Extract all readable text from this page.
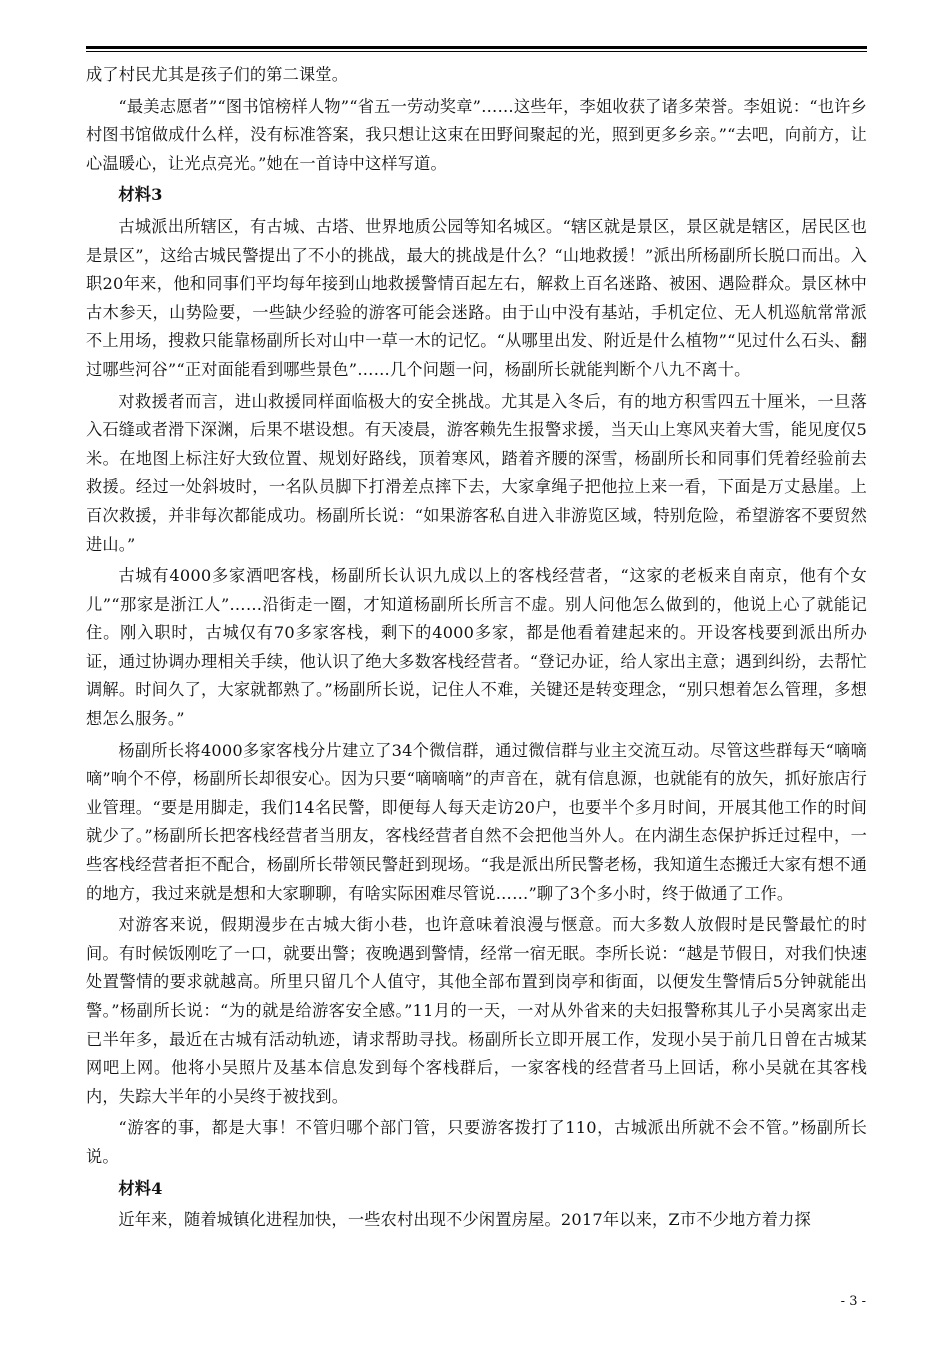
成了村民尤其是孩子们的第二课堂。

“最美志愿者”“图书馆榜样人物”“省五一劳动奖章”……这些年，李姐收获了诸多荣誉。李姐说：“也许乡村图书馆做成什么样，没有标准答案，我只想让这束在田野间聚起的光，照到更多乡亲。”“去吧，向前方，让心温暖心，让光点亮光。”她在一首诗中这样写道。

材料3

古城派出所辖区，有古城、古塔、世界地质公园等知名城区。“辖区就是景区，景区就是辖区，居民区也是景区”，这给古城民警提出了不小的挑战，最大的挑战是什么？“山地救援！”派出所杨副所长脱口而出。入职20年来，他和同事们平均每年接到山地救援警情百起左右，解救上百名迷路、被困、遇险群众。景区林中古木参天，山势险要，一些缺少经验的游客可能会迷路。由于山中没有基站，手机定位、无人机巡航常常派不上用场，搜救只能靠杨副所长对山中一草一木的记忆。“从哪里出发、附近是什么植物”“见过什么石头、翻过哪些河谷”“正对面能看到哪些景色”……几个问题一问，杨副所长就能判断个八九不离十。

对救援者而言，进山救援同样面临极大的安全挑战。尤其是入冬后，有的地方积雪四五十厘米，一旦落入石缝或者滑下深渊，后果不堪设想。有天凌晨，游客赖先生报警求援，当天山上寒风夹着大雪，能见度仅5米。在地图上标注好大致位置、规划好路线，顶着寒风，踏着齐腰的深雪，杨副所长和同事们凭着经验前去救援。经过一处斜坡时，一名队员脚下打滑差点摔下去，大家拿绳子把他拉上来一看，下面是万丈悬崖。上百次救援，并非每次都能成功。杨副所长说：“如果游客私自进入非游览区域，特别危险，希望游客不要贸然进山。”

古城有4000多家酒吧客栈，杨副所长认识九成以上的客栈经营者，“这家的老板来自南京，他有个女儿”“那家是浙江人”……沿街走一圈，才知道杨副所长所言不虚。别人问他怎么做到的，他说上心了就能记住。刚入职时，古城仅有70多家客栈，剩下的4000多家，都是他看着建起来的。开设客栈要到派出所办证，通过协调办理相关手续，他认识了绝大多数客栈经营者。“登记办证，给人家出主意；遇到纠纷，去帮忙调解。时间久了，大家就都熟了。”杨副所长说，记住人不难，关键还是转变理念，“别只想着怎么管理，多想想怎么服务。”

杨副所长将4000多家客栈分片建立了34个微信群，通过微信群与业主交流互动。尽管这些群每天“嘀嘀嘀”响个不停，杨副所长却很安心。因为只要“嘀嘀嘀”的声音在，就有信息源，也就能有的放矢，抓好旅店行业管理。“要是用脚走，我们14名民警，即便每人每天走访20户，也要半个多月时间，开展其他工作的时间就少了。”杨副所长把客栈经营者当朋友，客栈经营者自然不会把他当外人。在内湖生态保护拆迁过程中，一些客栈经营者拒不配合，杨副所长带领民警赶到现场。“我是派出所民警老杨，我知道生态搬迁大家有想不通的地方，我过来就是想和大家聊聊，有啥实际困难尽管说……”聊了3个多小时，终于做通了工作。

对游客来说，假期漫步在古城大街小巷，也许意味着浪漫与惬意。而大多数人放假时是民警最忙的时间。有时候饭刚吃了一口，就要出警；夜晚遇到警情，经常一宿无眠。李所长说：“越是节假日，对我们快速处置警情的要求就越高。所里只留几个人值守，其他全部布置到岗亭和街面，以便发生警情后5分钟就能出警。”杨副所长说：“为的就是给游客安全感。”11月的一天，一对从外省来的夫妇报警称其儿子小吴离家出走已半年多，最近在古城有活动轨迹，请求帮助寻找。杨副所长立即开展工作，发现小吴于前几日曾在古城某网吧上网。他将小吴照片及基本信息发到每个客栈群后，一家客栈的经营者马上回话，称小吴就在其客栈内，失踪大半年的小吴终于被找到。

“游客的事，都是大事！不管归哪个部门管，只要游客拨打了110，古城派出所就不会不管。”杨副所长说。

材料4

近年来，随着城镇化进程加快，一些农村出现不少闲置房屋。2017年以来，Z市不少地方着力探

- 3 -
